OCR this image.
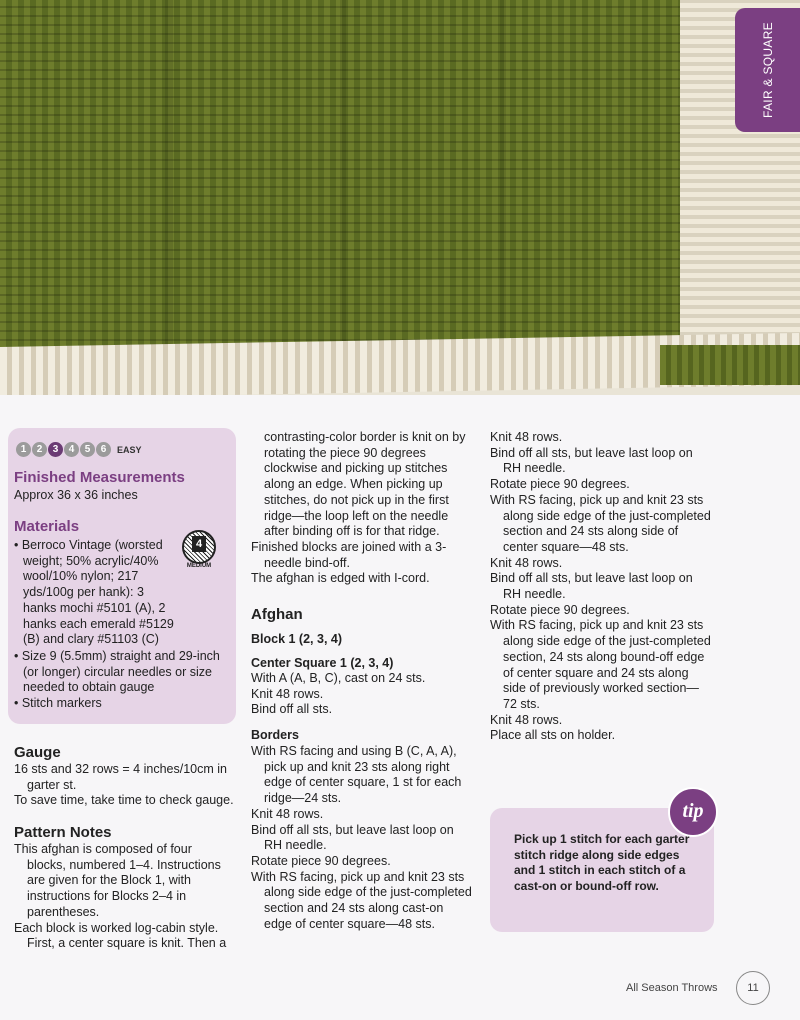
FAIR & SQUARE
1	2	3	4	5	6	EASY
Finished Measurements

Approx 36 x 36 inches

Materials

• Berroco Vintage (worsted weight; 50% acrylic/40% wool/10% nylon; 217 yds/100g per hank): 3 hanks mochi #5101 (A), 2 hanks each emerald #5129 (B) and clary #51103 (C)

• Size 9 (5.5mm) straight and 29-inch (or longer) circular needles or size needed to obtain gauge

• Stitch markers

4
MEDIUM
Gauge

16 sts and 32 rows = 4 inches/10cm in garter st.

To save time, take time to check gauge.

Pattern Notes

This afghan is composed of four blocks, numbered 1–4. Instructions are given for the Block 1, with instructions for Blocks 2–4 in parentheses.

Each block is worked log-cabin style. First, a center square is knit. Then a

contrasting-color border is knit on by rotating the piece 90 degrees clockwise and picking up stitches along an edge. When picking up stitches, do not pick up in the first ridge—the loop left on the needle after binding off is for that ridge.

Finished blocks are joined with a 3-needle bind-off.

The afghan is edged with I-cord.

Afghan
Block 1 (2, 3, 4)
Center Square 1 (2, 3, 4)

With A (A, B, C), cast on 24 sts.

Knit 48 rows.

Bind off all sts.

Borders

With RS facing and using B (C, A, A), pick up and knit 23 sts along right edge of center square, 1 st for each ridge—24 sts.

Knit 48 rows.

Bind off all sts, but leave last loop on RH needle.

Rotate piece 90 degrees.

With RS facing, pick up and knit 23 sts along side edge of the just-completed section and 24 sts along cast-on edge of center square—48 sts.

Knit 48 rows.

Bind off all sts, but leave last loop on RH needle.

Rotate piece 90 degrees.

With RS facing, pick up and knit 23 sts along side edge of the just-completed section and 24 sts along side of center square—48 sts.

Knit 48 rows.

Bind off all sts, but leave last loop on RH needle.

Rotate piece 90 degrees.

With RS facing, pick up and knit 23 sts along side edge of the just-completed section, 24 sts along bound-off edge of center square and 24 sts along side of previously worked section—72 sts.

Knit 48 rows.

Place all sts on holder.

tip

Pick up 1 stitch for each garter stitch ridge along side edges and 1 stitch in each stitch of a cast-on or bound-off row.

All Season Throws	11
